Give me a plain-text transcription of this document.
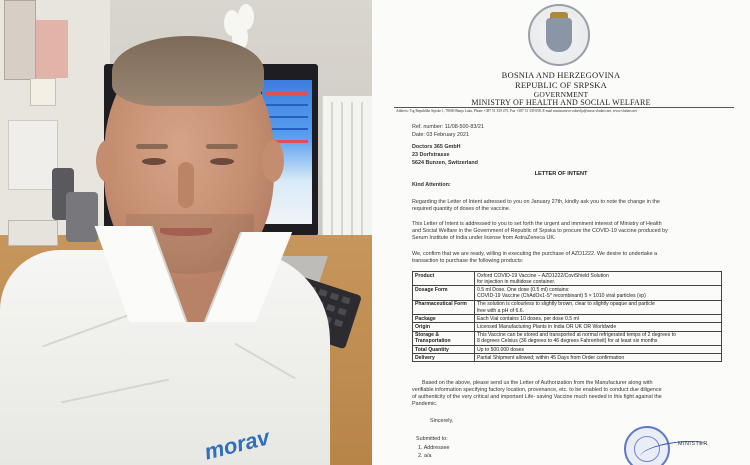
morav
BOSNIA AND HERZEGOVINA
REPUBLIC OF SRPSKA
GOVERNMENT
MINISTRY OF HEALTH AND SOCIAL WELFARE
Address: Trg Republike Srpske 1, 78000 Banja Luka, Phone +387 51 339 475, Fax +387 51 339 658, E-mail ministarstvo-zdravlja@mzsz.vladars.net, www.vladars.net
Ref. number: 11/08-500-83/21
Date: 03 February 2021
Doctors 365 GmbH
23 Dorfstrasse
5624 Bunzen, Switzerland
LETTER OF INTENT
Kind Attention:
Regarding the Letter of Intent adressed to you on January 27th, kindly ask you to note the change in the
required quantity of doses of the vaccine.
This Letter of Intent is addressed to you to set forth the urgent and imminent interest of Ministry of Health
and Social Welfare in the Government of Republic of Srpska to procure the COVID-19 vaccine produced by
Serum Institute of India under license from AstraZeneca UK.
We, confirm that we are ready, willing in executing the purchase of AZD1222. We desire to undertake a
transaction to purchase the following products:
Product	Oxford COVID-19 Vaccine – AZD1222/CoviShield Solution
for injection in multidose container.
Dosage Form	0.5 ml Dose. One dose (0.5 ml) contains:
COVID-19 Vaccine (ChAdOx1-S* recombinant) 5 × 1010 viral particles (vp)
Pharmaceutical Form	The solution is colourless to slightly brown, clear to slightly opaque and particle
free with a pH of 6.6.
Package	Each Vial contains 10 doses, per dose 0.5 ml
Origin	Licensed Manufacturing Plants in India OR UK OR Worldwide
Storage & Transportation	This Vaccine can be stored and transported at normal refrigerated temps of 2 degrees to
8 degrees Celsius (36 degrees to 46 degrees Fahrenheit) for at least six months
Total Quantity	Up to 500.000 doses
Delivery	Partial Shipment allowed; within 45 Days from Order confirmation
Based on the above, please send us the Letter of Authorization from the Manufacturer along with
verifiable information specifying factory location, provenance, etc. to be enabled to conduct due diligence
of authenticity of the very critical and important Life- saving Vaccine much needed in this fight against the
Pandemic.
Sincerely,
Submitted to:
1. Addressee
2. a/a
MINISTER
